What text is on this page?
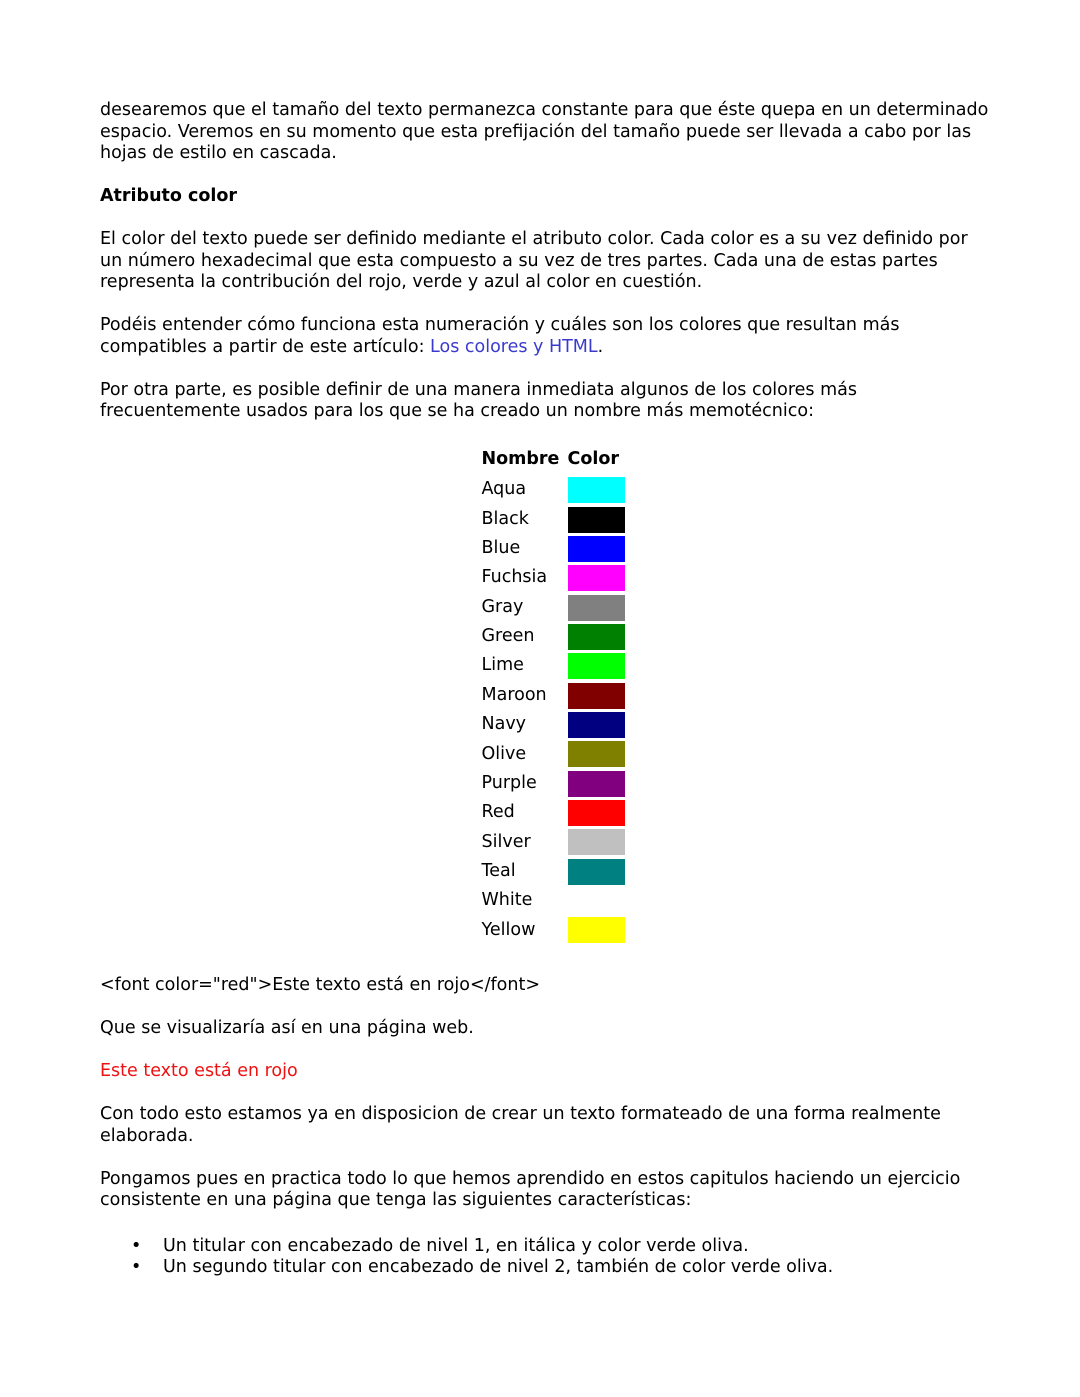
desearemos que el tamaño del texto permanezca constante para que éste quepa en un determinado espacio. Veremos en su momento que esta prefijación del tamaño puede ser llevada a cabo por las hojas de estilo en cascada.

Atributo color

El color del texto puede ser definido mediante el atributo color. Cada color es a su vez definido por un número hexadecimal que esta compuesto a su vez de tres partes. Cada una de estas partes representa la contribución del rojo, verde y azul al color en cuestión.

Podéis entender cómo funciona esta numeración y cuáles son los colores que resultan más compatibles a partir de este artículo: Los colores y HTML.

Por otra parte, es posible definir de una manera inmediata algunos de los colores más frecuentemente usados para los que se ha creado un nombre más memotécnico:

Nombre	Color
Aqua	

Black	

Blue	

Fuchsia	

Gray	

Green	

Lime	

Maroon	

Navy	

Olive	

Purple	

Red	

Silver	

Teal	

White	

Yellow	

<font color="red">Este texto está en rojo</font>

Que se visualizaría así en una página web.

Este texto está en rojo

Con todo esto estamos ya en disposicion de crear un texto formateado de una forma realmente elaborada.

Pongamos pues en practica todo lo que hemos aprendido en estos capitulos haciendo un ejercicio consistente en una página que tenga las siguientes características:

• Un titular con encabezado de nivel 1, en itálica y color verde oliva.
• Un segundo titular con encabezado de nivel 2, también de color verde oliva.
